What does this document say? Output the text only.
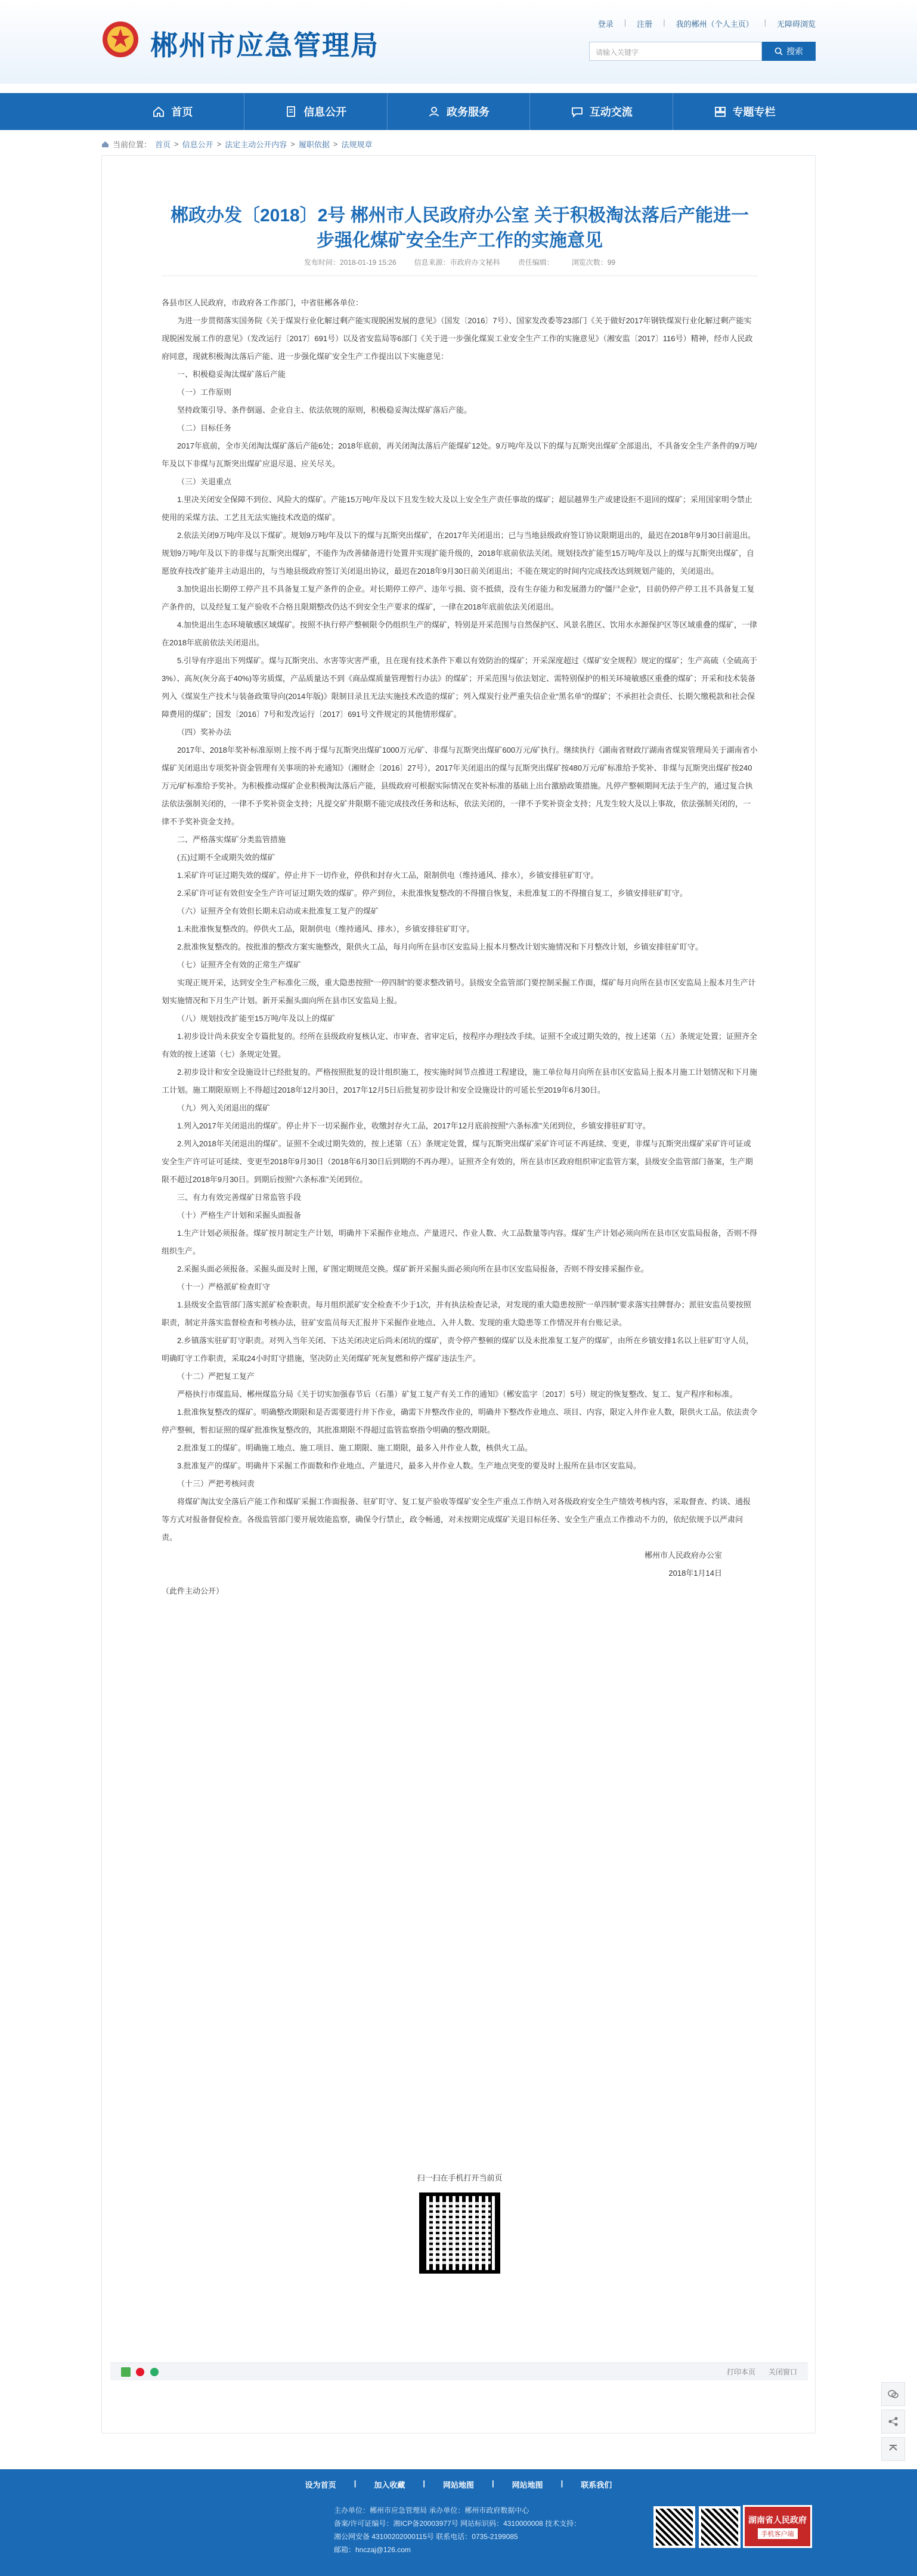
郴州市应急管理局
登录 | 注册 | 我的郴州（个人主页） | 无障碍浏览
请输入关键字	搜索
首页	信息公开	政务服务	互动交流	专题专栏
当前位置： 首页 > 信息公开 > 法定主动公开内容 > 履职依据 > 法规规章
郴政办发〔2018〕2号 郴州市人民政府办公室 关于积极淘汰落后产能进一步强化煤矿安全生产工作的实施意见
发布时间：2018-01-19 15:26	信息来源：市政府办文秘科	责任编辑：	浏览次数：99

各县市区人民政府，市政府各工作部门，中省驻郴各单位：

为进一步贯彻落实国务院《关于煤炭行业化解过剩产能实现脱困发展的意见》（国发〔2016〕7号）、国家发改委等23部门《关于做好2017年钢铁煤炭行业化解过剩产能实现脱困发展工作的意见》（发改运行〔2017〕691号）以及省安监局等6部门《关于进一步强化煤炭工业安全生产工作的实施意见》（湘安监〔2017〕116号）精神，经市人民政府同意，现就积极淘汰落后产能、进一步强化煤矿安全生产工作提出以下实施意见：

一、积极稳妥淘汰煤矿落后产能

（一）工作原则

坚持政策引导、条件倒逼、企业自主、依法依规的原则，积极稳妥淘汰煤矿落后产能。

（二）目标任务

2017年底前，全市关闭淘汰煤矿落后产能6处；2018年底前，再关闭淘汰落后产能煤矿12处。9万吨/年及以下的煤与瓦斯突出煤矿全部退出，不具备安全生产条件的9万吨/年及以下非煤与瓦斯突出煤矿应退尽退、应关尽关。

（三）关退重点

1.里决关闭安全保障不到位、风险大的煤矿。产能15万吨/年及以下且发生较大及以上安全生产责任事故的煤矿；超层越界生产或建设拒不退回的煤矿；采用国家明令禁止使用的采煤方法、工艺且无法实施技术改造的煤矿。

2.依法关闭9万吨/年及以下煤矿。规划9万吨/年及以下的煤与瓦斯突出煤矿，在2017年关闭退出；已与当地县级政府签订协议限期退出的，最迟在2018年9月30日前退出。规划9万吨/年及以下的非煤与瓦斯突出煤矿，不能作为改善储备进行处置并实现扩能升级的，2018年底前依法关闭。规划技改扩能至15万吨/年及以上的煤与瓦斯突出煤矿，自愿放弃技改扩能并主动退出的，与当地县级政府签订关闭退出协议，最迟在2018年9月30日前关闭退出；不能在规定的时间内完成技改达到规划产能的，关闭退出。

3.加快退出长期停工停产且不具备复工复产条件的企业。对长期停工停产、违年亏损、资不抵债，没有生存能力和发展潜力的“僵尸企业”，目前仍停产停工且不具备复工复产条件的，以及经复工复产验收不合格且限期整改仍达不到安全生产要求的煤矿，一律在2018年底前依法关闭退出。

4.加快退出生态环境敏感区域煤矿。按照不执行停产整顿限令仍组织生产的煤矿，特别是开采范围与自然保护区、风景名胜区、饮用水水源保护区等区域重叠的煤矿，一律在2018年底前依法关闭退出。

5.引导有序退出下列煤矿。煤与瓦斯突出、水害等灾害严重，且在现有技术条件下难以有效防治的煤矿；开采深度超过《煤矿安全规程》规定的煤矿；生产高硫（全硫高于3%）、高灰(灰分高于40%)等劣质煤，产品质量达不到《商品煤质量管理暂行办法》的煤矿；开采范围与依法划定、需特别保护的相关环境敏感区重叠的煤矿；开采和技术装备列入《煤炭生产技术与装备政策导向(2014年版)》限制目录且无法实施技术改造的煤矿；列入煤炭行业严重失信企业“黑名单”的煤矿；不承担社会责任、长期欠缴税款和社会保障费用的煤矿；国发〔2016〕7号和发改运行〔2017〕691号文件规定的其他情形煤矿。

（四）奖补办法

2017年、2018年奖补标准原则上按不再于煤与瓦斯突出煤矿1000万元/矿、非煤与瓦斯突出煤矿600万元/矿执行。继续执行《湖南省财政厅湖南省煤炭管理局关于湖南省小煤矿关闭退出专项奖补资金管理有关事项的补充通知》（湘财企〔2016〕27号），2017年关闭退出的煤与瓦斯突出煤矿按480万元/矿标准给予奖补、非煤与瓦斯突出煤矿按240万元/矿标准给予奖补。为积极推动煤矿企业积极淘汰落后产能，县级政府可根据实际情况在奖补标准的基础上出台激励政策措施。凡停产整顿期间无法于生产的，通过复合执法依法强制关闭的，一律不予奖补资金支持；凡提交矿井限期不能完成技改任务和达标，依法关闭的，一律不予奖补资金支持；凡发生较大及以上事故，依法强制关闭的，一律不予奖补资金支持。

二、严格落实煤矿分类监管措施

(五)过期不全或期失效的煤矿

1.采矿许可证过期失效的煤矿。停止井下一切作业，停供和封存火工品，限制供电（维持通风、排水），乡镇安排驻矿盯守。

2.采矿许可证有效但安全生产许可证过期失效的煤矿。停产到位，未批准恢复整改的不得擅自恢复，未批准复工的不得擅自复工，乡镇安排驻矿盯守。

（六）证照齐全有效但长期未启动或未批准复工复产的煤矿

1.未批准恢复整改的。停供火工品，限制供电（维持通风、排水），乡镇安排驻矿盯守。

2.批准恢复整改的。按批准的整改方案实施整改，限供火工品，每月向所在县市区安监局上报本月整改计划实施情况和下月整改计划，乡镇安排驻矿盯守。

（七）证照齐全有效的正常生产煤矿

实现正规开采，达到安全生产标准化三级，重大隐患按照“一停四制”的要求整改销号。县级安全监管部门要控制采掘工作面，煤矿每月向所在县市区安监局上报本月生产计划实施情况和下月生产计划。新开采掘头面向所在县市区安监局上报。

（八）规划技改扩能至15万吨/年及以上的煤矿

1.初步设计尚未获安全专篇批复的。经所在县级政府复核认定、市审查、省审定后，按程序办理技改手续。证照不全或过期失效的，按上述第（五）条规定处置；证照齐全有效的按上述第（七）条规定处置。

2.初步设计和安全设施设计已经批复的。严格按照批复的设计组织施工，按实施时间节点推进工程建设，施工单位每月向所在县市区安监局上报本月施工计划情况和下月施工计划。施工期限原则上不得超过2018年12月30日，2017年12月5日后批复初步设计和安全设施设计的可延长至2019年6月30日。

（九）列入关闭退出的煤矿

1.列入2017年关闭退出的煤矿。停止井下一切采掘作业，收缴封存火工品，2017年12月底前按照“六条标准”关闭到位，乡镇安排驻矿盯守。

2.列入2018年关闭退出的煤矿。证照不全或过期失效的，按上述第（五）条规定处置，煤与瓦斯突出煤矿采矿许可证不再延续、变更，非煤与瓦斯突出煤矿采矿许可证或安全生产许可证可延续、变更至2018年9月30日（2018年6月30日后到期的不再办理）。证照齐全有效的，所在县市区政府组织审定监管方案，县级安全监管部门备案，生产期限不超过2018年9月30日。到期后按照“六条标准”关闭到位。

三、有力有效完善煤矿日常监管手段

（十）严格生产计划和采掘头面报备

1.生产计划必须报备。煤矿按月制定生产计划，明确井下采掘作业地点、产量进尺、作业人数、火工品数量等内容。煤矿生产计划必须向所在县市区安监局报备，否则不得组织生产。

2.采掘头面必须报备。采掘头面及时上图，矿图定期规范交换。煤矿新开采掘头面必须向所在县市区安监局报备，否则不得安排采掘作业。

（十一）严格派矿检查盯守

1.县级安全监管部门落实派矿检查职责。每月组织派矿安全检查不少于1次，并有执法检查记录，对发现的重大隐患按照“一单四制”要求落实挂牌督办；派驻安监员要按照职责，制定并落实监督检查和考核办法，驻矿安监员每天汇报井下采掘作业地点、入井人数、发现的重大隐患等工作情况并有台账记录。

2.乡镇落实驻矿盯守职责。对列入当年关闭、下达关闭决定后尚未闭坑的煤矿，责令停产整顿的煤矿以及未批准复工复产的煤矿，由所在乡镇安排1名以上驻矿盯守人员，明确盯守工作职责，采取24小时盯守措施，坚决防止关闭煤矿死灰复燃和停产煤矿违法生产。

（十二）严把复工复产

严格执行市煤监局、郴州煤监分局《关于切实加强春节后（石墨）矿复工复产有关工作的通知》（郴安监字〔2017〕5号）规定的恢复整改、复工、复产程序和标准。

1.批准恢复整改的煤矿。明确整改期限和是否需要进行井下作业，确需下井整改作业的，明确井下整改作业地点、项目、内容，限定入井作业人数，限供火工品。依法责令停产整顿，暂扣证照的煤矿批准恢复整改的，其批准期限不得超过监管监察指令明确的整改期限。

2.批准复工的煤矿。明确施工地点、施工项目、施工期限、施工期限，最多入井作业人数，核供火工品。

3.批准复产的煤矿。明确井下采掘工作面数和作业地点、产量进尺，最多入井作业人数。生产地点突变的要及时上报所在县市区安监局。

（十三）严把考核问责

将煤矿淘汰安全落后产能工作和煤矿采掘工作面报备、驻矿盯守、复工复产验收等煤矿安全生产重点工作纳入对各级政府安全生产绩效考核内容，采取督查、约谈、通报等方式对报备督促检查。各级监管部门要开展效能监察，确保令行禁止，政令畅通，对未按期完成煤矿关退目标任务、安全生产重点工作推动不力的，依纪依规予以严肃问责。

郴州市人民政府办公室

2018年1月14日

（此件主动公开）

扫一扫在手机打开当前页
打印本页 关闭窗口
设为首页 | 加入收藏 | 网站地图 | 网站地图 | 联系我们
主办单位：郴州市应急管理局 承办单位：郴州市政府数据中心
备案/许可证编号：湘ICP备20003977号 网站标识码：4310000008 技术支持：
湘公网安备 43100202000115号 联系电话：0735-2199085
邮箱：hnczaj@126.com
湖南省人民政府
手机客户端
